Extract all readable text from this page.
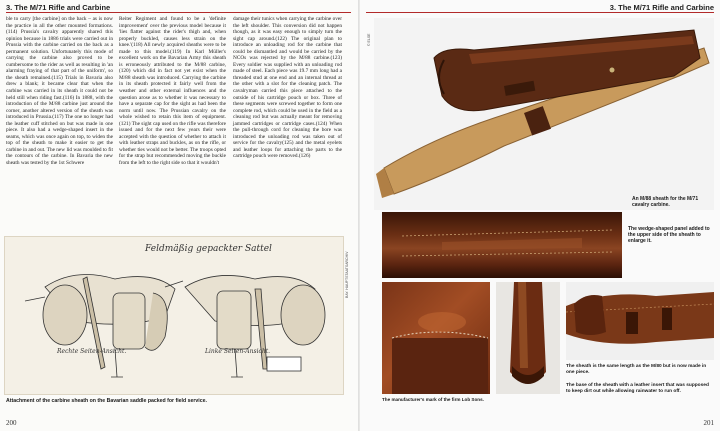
3. The M/71 Rifle and Carbine
ble to carry [the carbine] on the back – as is now the practice in all the other mounted formations.(114) Prussia's cavalry apparently shared this opinion because in 1886 trials were carried out in Prussia with the carbine carried on the back as a permanent solution. Unfortunately this mode of carrying the carbine also proved to be cumbersome to the rider as well as resulting in 'an alarming fraying of that part of the uniform', so the sheath remained.(115) Trials in Bavaria also drew a blank; it became clear that when the carbine was carried in its sheath it could not be held still when riding fast.(116) In 1888, with the introduction of the M/88 carbine just around the corner, another altered version of the sheath was introduced in Prussia.(117) The one no longer had the leather cuff stitched on but was made in one piece. It also had a wedge-shaped insert in the seams, which was once again on top, to widen the top of the sheath to make it easier to get the carbine in and out. The new lid was moulded to fit the contours of the carbine. In Bavaria the new sheath was tested by the 1st Schwere
Reiter Regiment and found to be a 'definite improvement' over the previous model because it 'lies flatter against the rider's thigh and, when properly buckled, causes less strain on the knee.'(118) All newly acquired sheaths were to be made to this model.(119) In Karl Müller's excellent work on the Bavarian Army this sheath is erroneously attributed to the M/88 carbine,(120) which did in fact not yet exist when the M/88 sheath was introduced. Carrying the carbine in its sheath protected it fairly well from the weather and other external influences and the question arose as to whether it was necessary to have a separate cap for the sight as had been the norm until now. The Prussian cavalry on the whole wished to retain this item of equipment.(121) The sight cap used on the rifle was therefore issued and for the next few years their were accepted with the question of whether to attach it with leather straps and buckles, as on the rifle, or whether ties would not be better. The troops opted for the strap but recommended moving the buckle from the left to the right side so that it wouldn't
damage their tunics when carrying the carbine over the left shoulder. This conversion did not happen though, as it was easy enough to simply turn the sight cap around.(122) The original plan to introduce an unloading rod for the carbine that could be dismantled and would be carried by the NCOs was rejected by the M/88 carbine.(123) Every soldier was supplied with an unloading rod made of steel. Each piece was 19.7 mm long had a threaded stud at one end and an internal thread at the other with a slot for the cleaning patch. The cavalryman carried this piece attached to the outside of his cartridge pouch or box. Three of these segments were screwed together to form one complete rod, which could be used in the field as a cleaning rod but was actually meant for removing jammed cartridges or cartridge cases.(124) When the pull-through cord for cleaning the bore was introduced the unloading rod was taken out of service for the cavalry(125) and the metal eyelets and leather loops for attaching the parts to the cartridge pouch were removed.(126)
BAY. HAUPTSTAATSARCHIV
Feldmäßig gepackter Sattel
Rechte Seiten-Ansicht.	Linke Seiten-Ansicht.
Attachment of the carbine sheath on the Bavarian saddle packed for field service.
200
3. The M/71 Rifle and Carbine
© ELSE
An M/88 sheath for the M/71 cavalry carbine.
The wedge-shaped panel added to the upper side of the sheath to enlarge it.
The manufacturer's mark of the firm Lob Sons.
The sheath is the same length as the M/80 but is now made in one piece.
The base of the sheath with a leather insert that was supposed to keep dirt out while allowing rainwater to run off.
201
